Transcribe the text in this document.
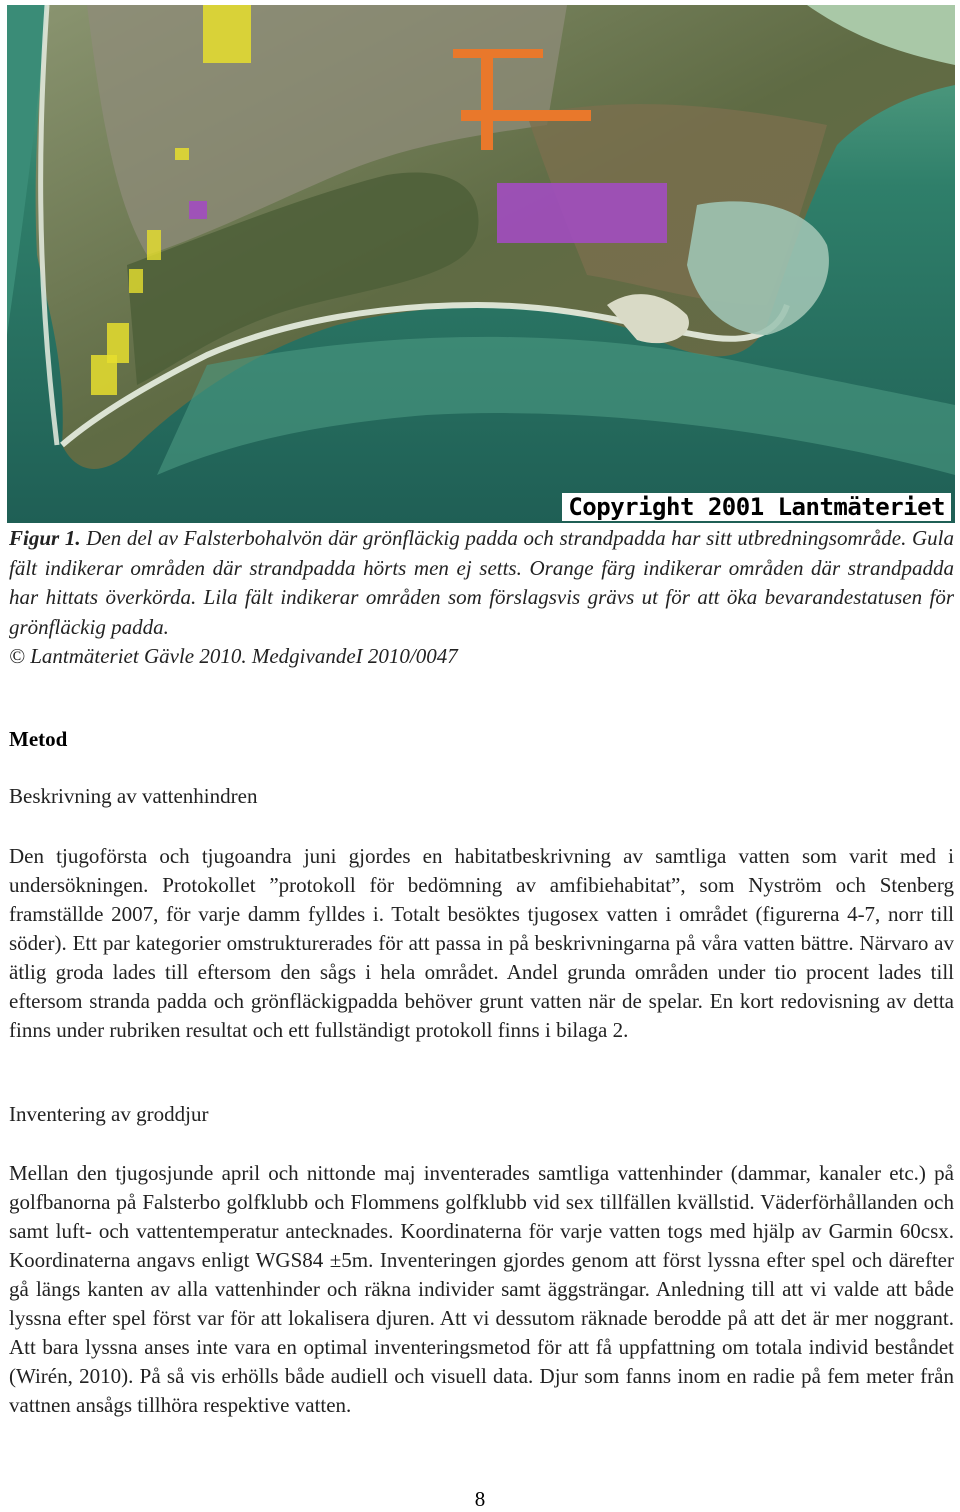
Copyright 2001 Lantmäteriet
Figur 1. Den del av Falsterbohalvön där grönfläckig padda och strandpadda har sitt utbredningsområde. Gula fält indikerar områden där strandpadda hörts men ej setts. Orange färg indikerar områden där strandpadda har hittats överkörda. Lila fält indikerar områden som förslagsvis grävs ut för att öka bevarandestatusen för grönfläckig padda.
© Lantmäteriet Gävle 2010. MedgivandeI 2010/0047
Metod
Beskrivning av vattenhindren
Den tjugoförsta och tjugoandra juni gjordes en habitatbeskrivning av samtliga vatten som varit med i undersökningen. Protokollet ”protokoll för bedömning av amfibiehabitat”, som Nyström och Stenberg framställde 2007, för varje damm fylldes i. Totalt besöktes tjugosex vatten i området (figurerna 4-7, norr till söder). Ett par kategorier omstrukturerades för att passa in på beskrivningarna på våra vatten bättre. Närvaro av ätlig groda lades till eftersom den sågs i hela området. Andel grunda områden under tio procent lades till eftersom stranda padda och grönfläckigpadda behöver grunt vatten när de spelar. En kort redovisning av detta finns under rubriken resultat och ett fullständigt protokoll finns i bilaga 2.
Inventering av groddjur
Mellan den tjugosjunde april och nittonde maj inventerades samtliga vattenhinder (dammar, kanaler etc.) på golfbanorna på Falsterbo golfklubb och Flommens golfklubb vid sex tillfällen kvällstid. Väderförhållanden och samt luft- och vattentemperatur antecknades. Koordinaterna för varje vatten togs med hjälp av Garmin 60csx. Koordinaterna angavs enligt WGS84 ±5m. Inventeringen gjordes genom att först lyssna efter spel och därefter gå längs kanten av alla vattenhinder och räkna individer samt äggsträngar. Anledning till att vi valde att både lyssna efter spel först var för att lokalisera djuren. Att vi dessutom räknade berodde på att det är mer noggrant. Att bara lyssna anses inte vara en optimal inventeringsmetod för att få uppfattning om totala individ beståndet (Wirén, 2010). På så vis erhölls både audiell och visuell data. Djur som fanns inom en radie på fem meter från vattnen ansågs tillhöra respektive vatten.
8
